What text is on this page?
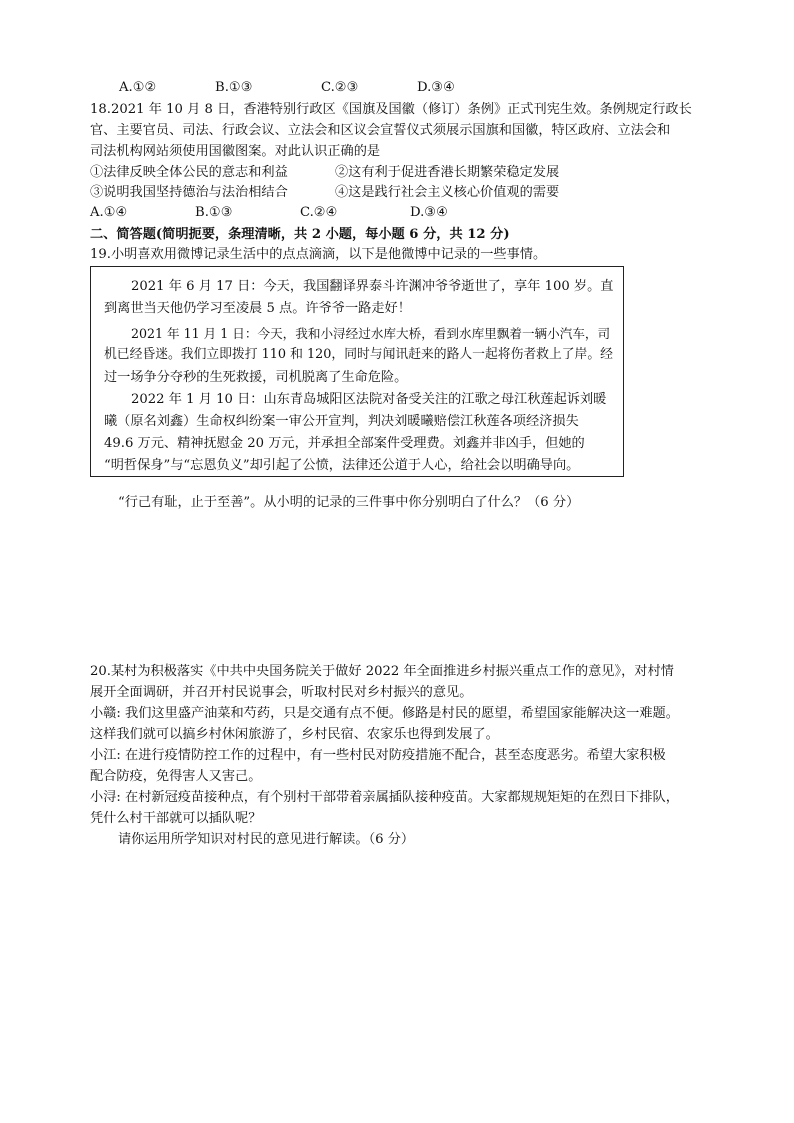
A.①②	B.①③	C.②③	D.③④
18.2021 年 10 月 8 日，香港特别行政区《国旗及国徽（修订）条例》正式刊宪生效。条例规定行政长
官、主要官员、司法、行政会议、立法会和区议会宣誓仪式须展示国旗和国徽，特区政府、立法会和
司法机构网站须使用国徽图案。对此认识正确的是
①法律反映全体公民的意志和利益	②这有利于促进香港长期繁荣稳定发展
③说明我国坚持德治与法治相结合	④这是践行社会主义核心价值观的需要
A.①④	B.①③	C.②④	D.③④
二、简答题(简明扼要，条理清晰，共 2 小题，每小题 6 分，共 12 分)
19.小明喜欢用微博记录生活中的点点滴滴，以下是他微博中记录的一些事情。
2021 年 6 月 17 日：今天，我国翻译界泰斗许渊冲爷爷逝世了，享年 100 岁。直
到离世当天他仍学习至凌晨 5 点。许爷爷一路走好！
2021 年 11 月 1 日：今天，我和小浔经过水库大桥，看到水库里飘着一辆小汽车，司
机已经昏迷。我们立即拨打 110 和 120，同时与闻讯赶来的路人一起将伤者救上了岸。经
过一场争分夺秒的生死救援，司机脱离了生命危险。
2022 年 1 月 10 日：山东青岛城阳区法院对备受关注的江歌之母江秋莲起诉刘暖
曦（原名刘鑫）生命权纠纷案一审公开宣判，判决刘暖曦赔偿江秋莲各项经济损失
49.6 万元、精神抚慰金 20 万元，并承担全部案件受理费。刘鑫并非凶手，但她的
“明哲保身”与“忘恩负义”却引起了公愤，法律还公道于人心，给社会以明确导向。
“行己有耻，止于至善”。从小明的记录的三件事中你分别明白了什么？（6 分）
20.某村为积极落实《中共中央国务院关于做好 2022 年全面推进乡村振兴重点工作的意见》，对村情
展开全面调研，并召开村民说事会，听取村民对乡村振兴的意见。
小赣: 我们这里盛产油菜和芍药，只是交通有点不便。修路是村民的愿望，希望国家能解决这一难题。
这样我们就可以搞乡村休闲旅游了，乡村民宿、农家乐也得到发展了。
小江: 在进行疫情防控工作的过程中，有一些村民对防疫措施不配合，甚至态度恶劣。希望大家积极
配合防疫，免得害人又害己。
小浔: 在村新冠疫苗接种点，有个别村干部带着亲属插队接种疫苗。大家都规规矩矩的在烈日下排队，
凭什么村干部就可以插队呢？
请你运用所学知识对村民的意见进行解读。（6 分）
